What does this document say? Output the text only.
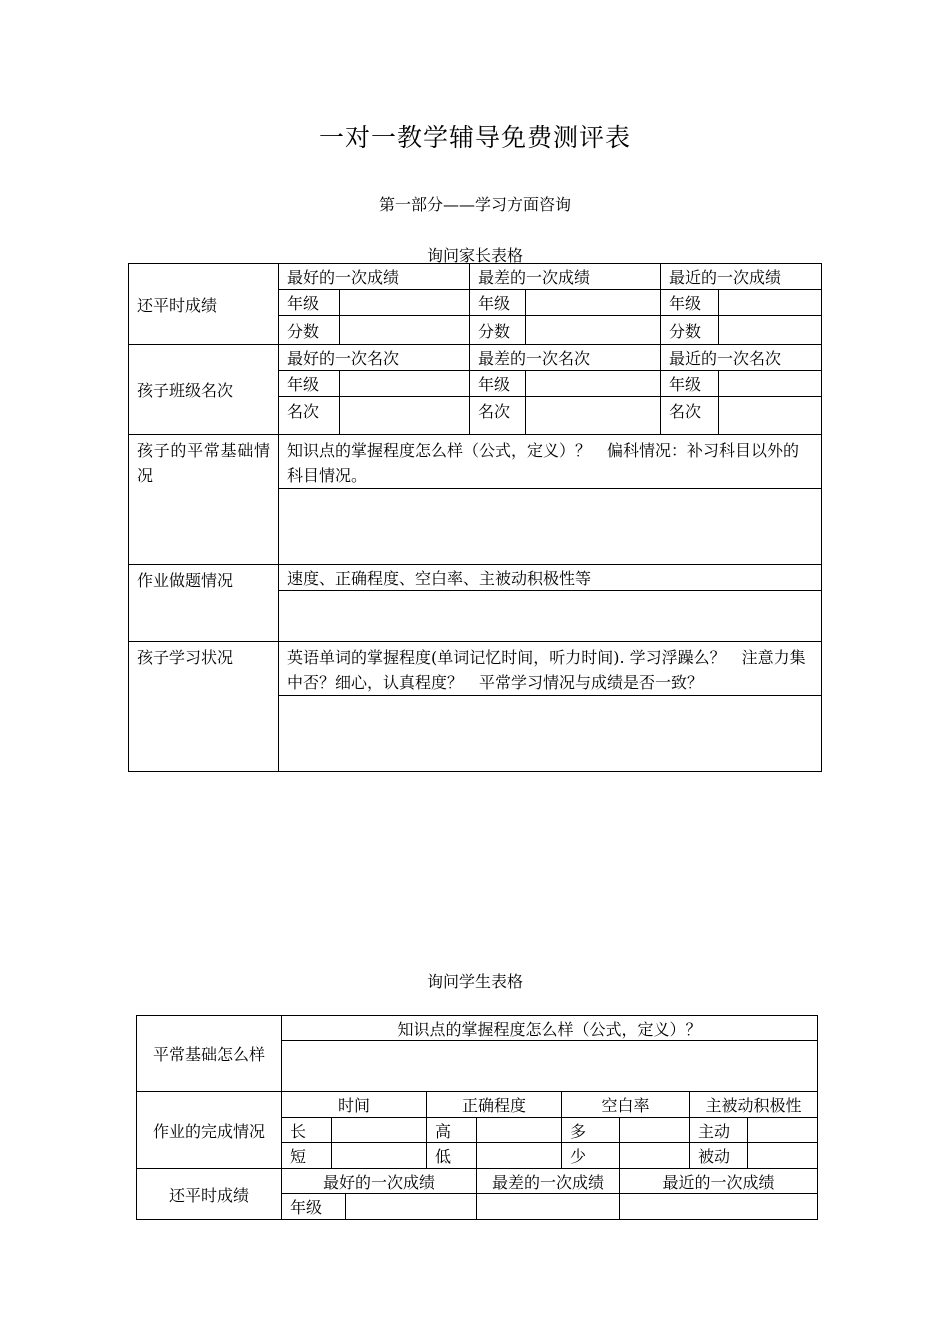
一对一教学辅导免费测评表
第一部分——学习方面咨询
询问家长表格
还平时成绩	最好的一次成绩		最差的一次成绩		最近的一次成绩	
	年级		年级		年级	
	分数		分数		分数	
孩子班级名次	最好的一次名次		最差的一次名次		最近的一次名次	
	年级		年级		年级	
	名次		名次		名次	
孩子的平常基础情况	知识点的掌握程度怎么样（公式，定义）？　偏科情况：补习科目以外的科目情况。					

作业做题情况	速度、正确程度、空白率、主被动积极性等					

孩子学习状况	英语单词的掌握程度(单词记忆时间，听力时间). 学习浮躁么？　注意力集中否？细心，认真程度？　平常学习情况与成绩是否一致？					

询问学生表格
平常基础怎么样	知识点的掌握程度怎么样（公式，定义）？								

作业的完成情况	时间			正确程度		空白率		主被动积极性	
	长			高		多		主动	
	短			低		少		被动	
还平时成绩	最好的一次成绩				最差的一次成绩		最近的一次成绩		
	年级								
